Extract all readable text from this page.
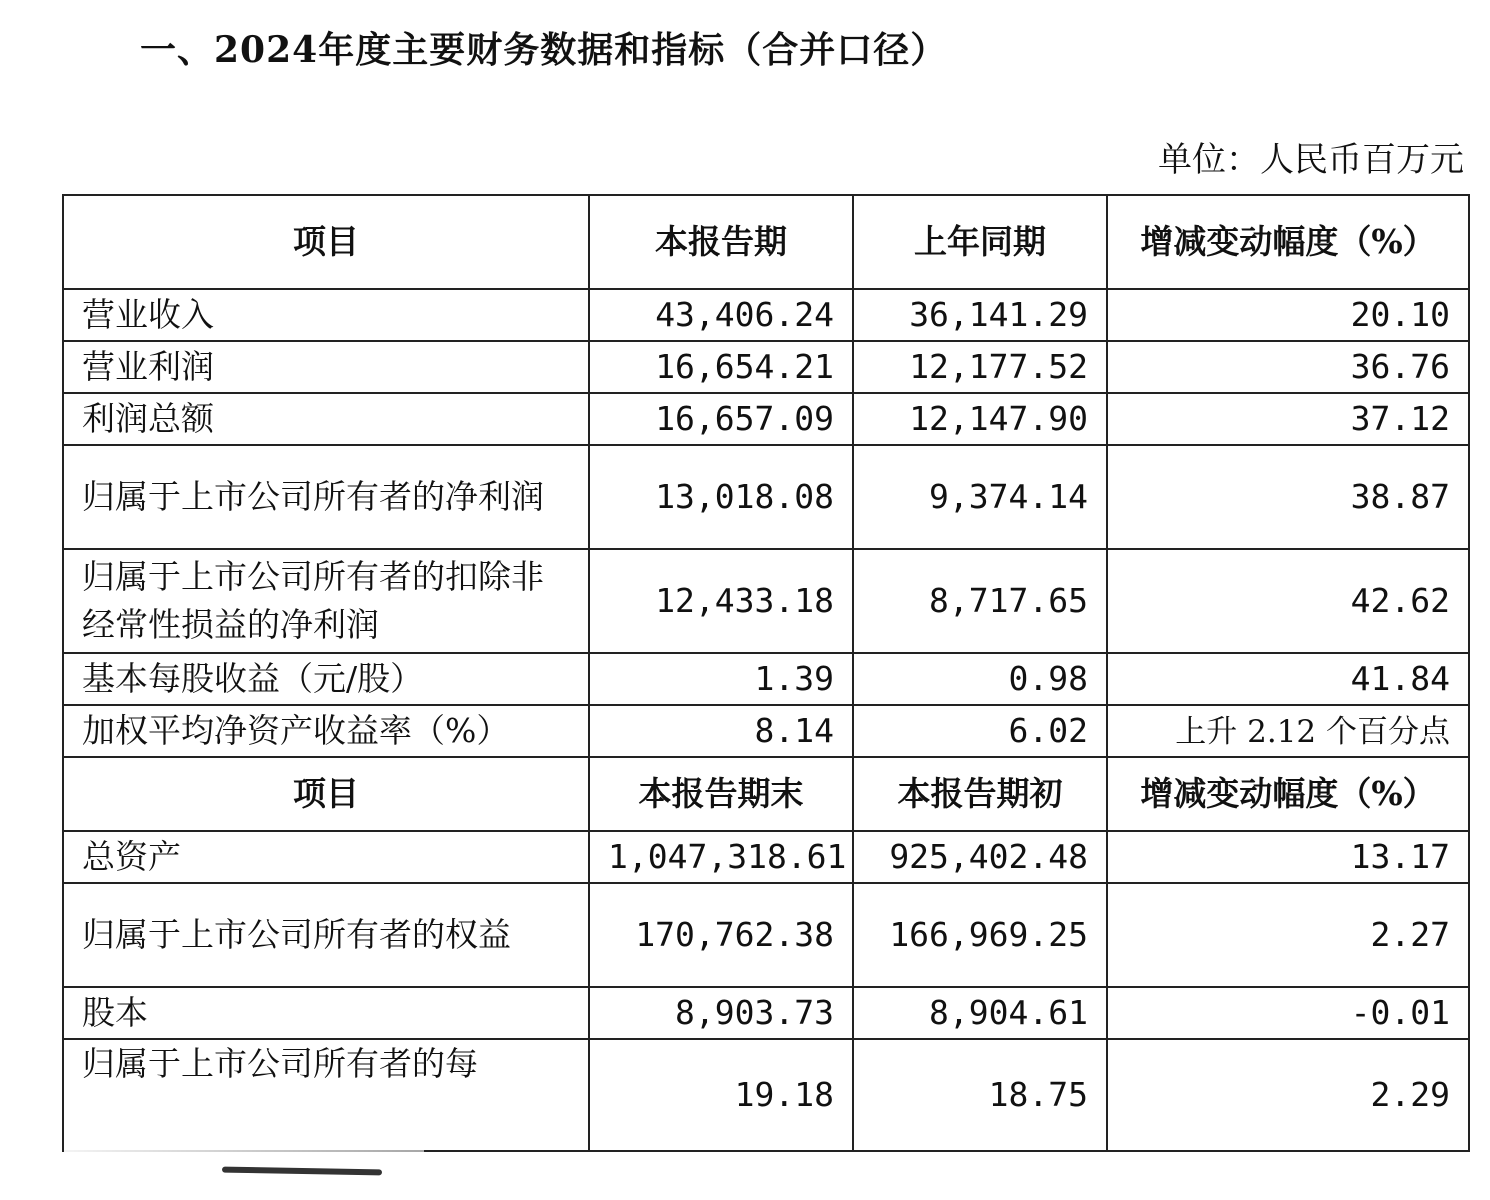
一、2024年度主要财务数据和指标（合并口径）
单位：人民币百万元
项目	本报告期	上年同期	增减变动幅度（%）
营业收入	43,406.24	36,141.29	20.10
营业利润	16,654.21	12,177.52	36.76
利润总额	16,657.09	12,147.90	37.12
归属于上市公司所有者的净利润	13,018.08	9,374.14	38.87
归属于上市公司所有者的扣除非经常性损益的净利润	12,433.18	8,717.65	42.62
基本每股收益（元/股）	1.39	0.98	41.84
加权平均净资产收益率（%）	8.14	6.02	上升 2.12 个百分点
项目	本报告期末	本报告期初	增减变动幅度（%）
总资产	1,047,318.61	925,402.48	13.17
归属于上市公司所有者的权益	170,762.38	166,969.25	2.27
股本	8,903.73	8,904.61	-0.01
归属于上市公司所有者的每	19.18	18.75	2.29
